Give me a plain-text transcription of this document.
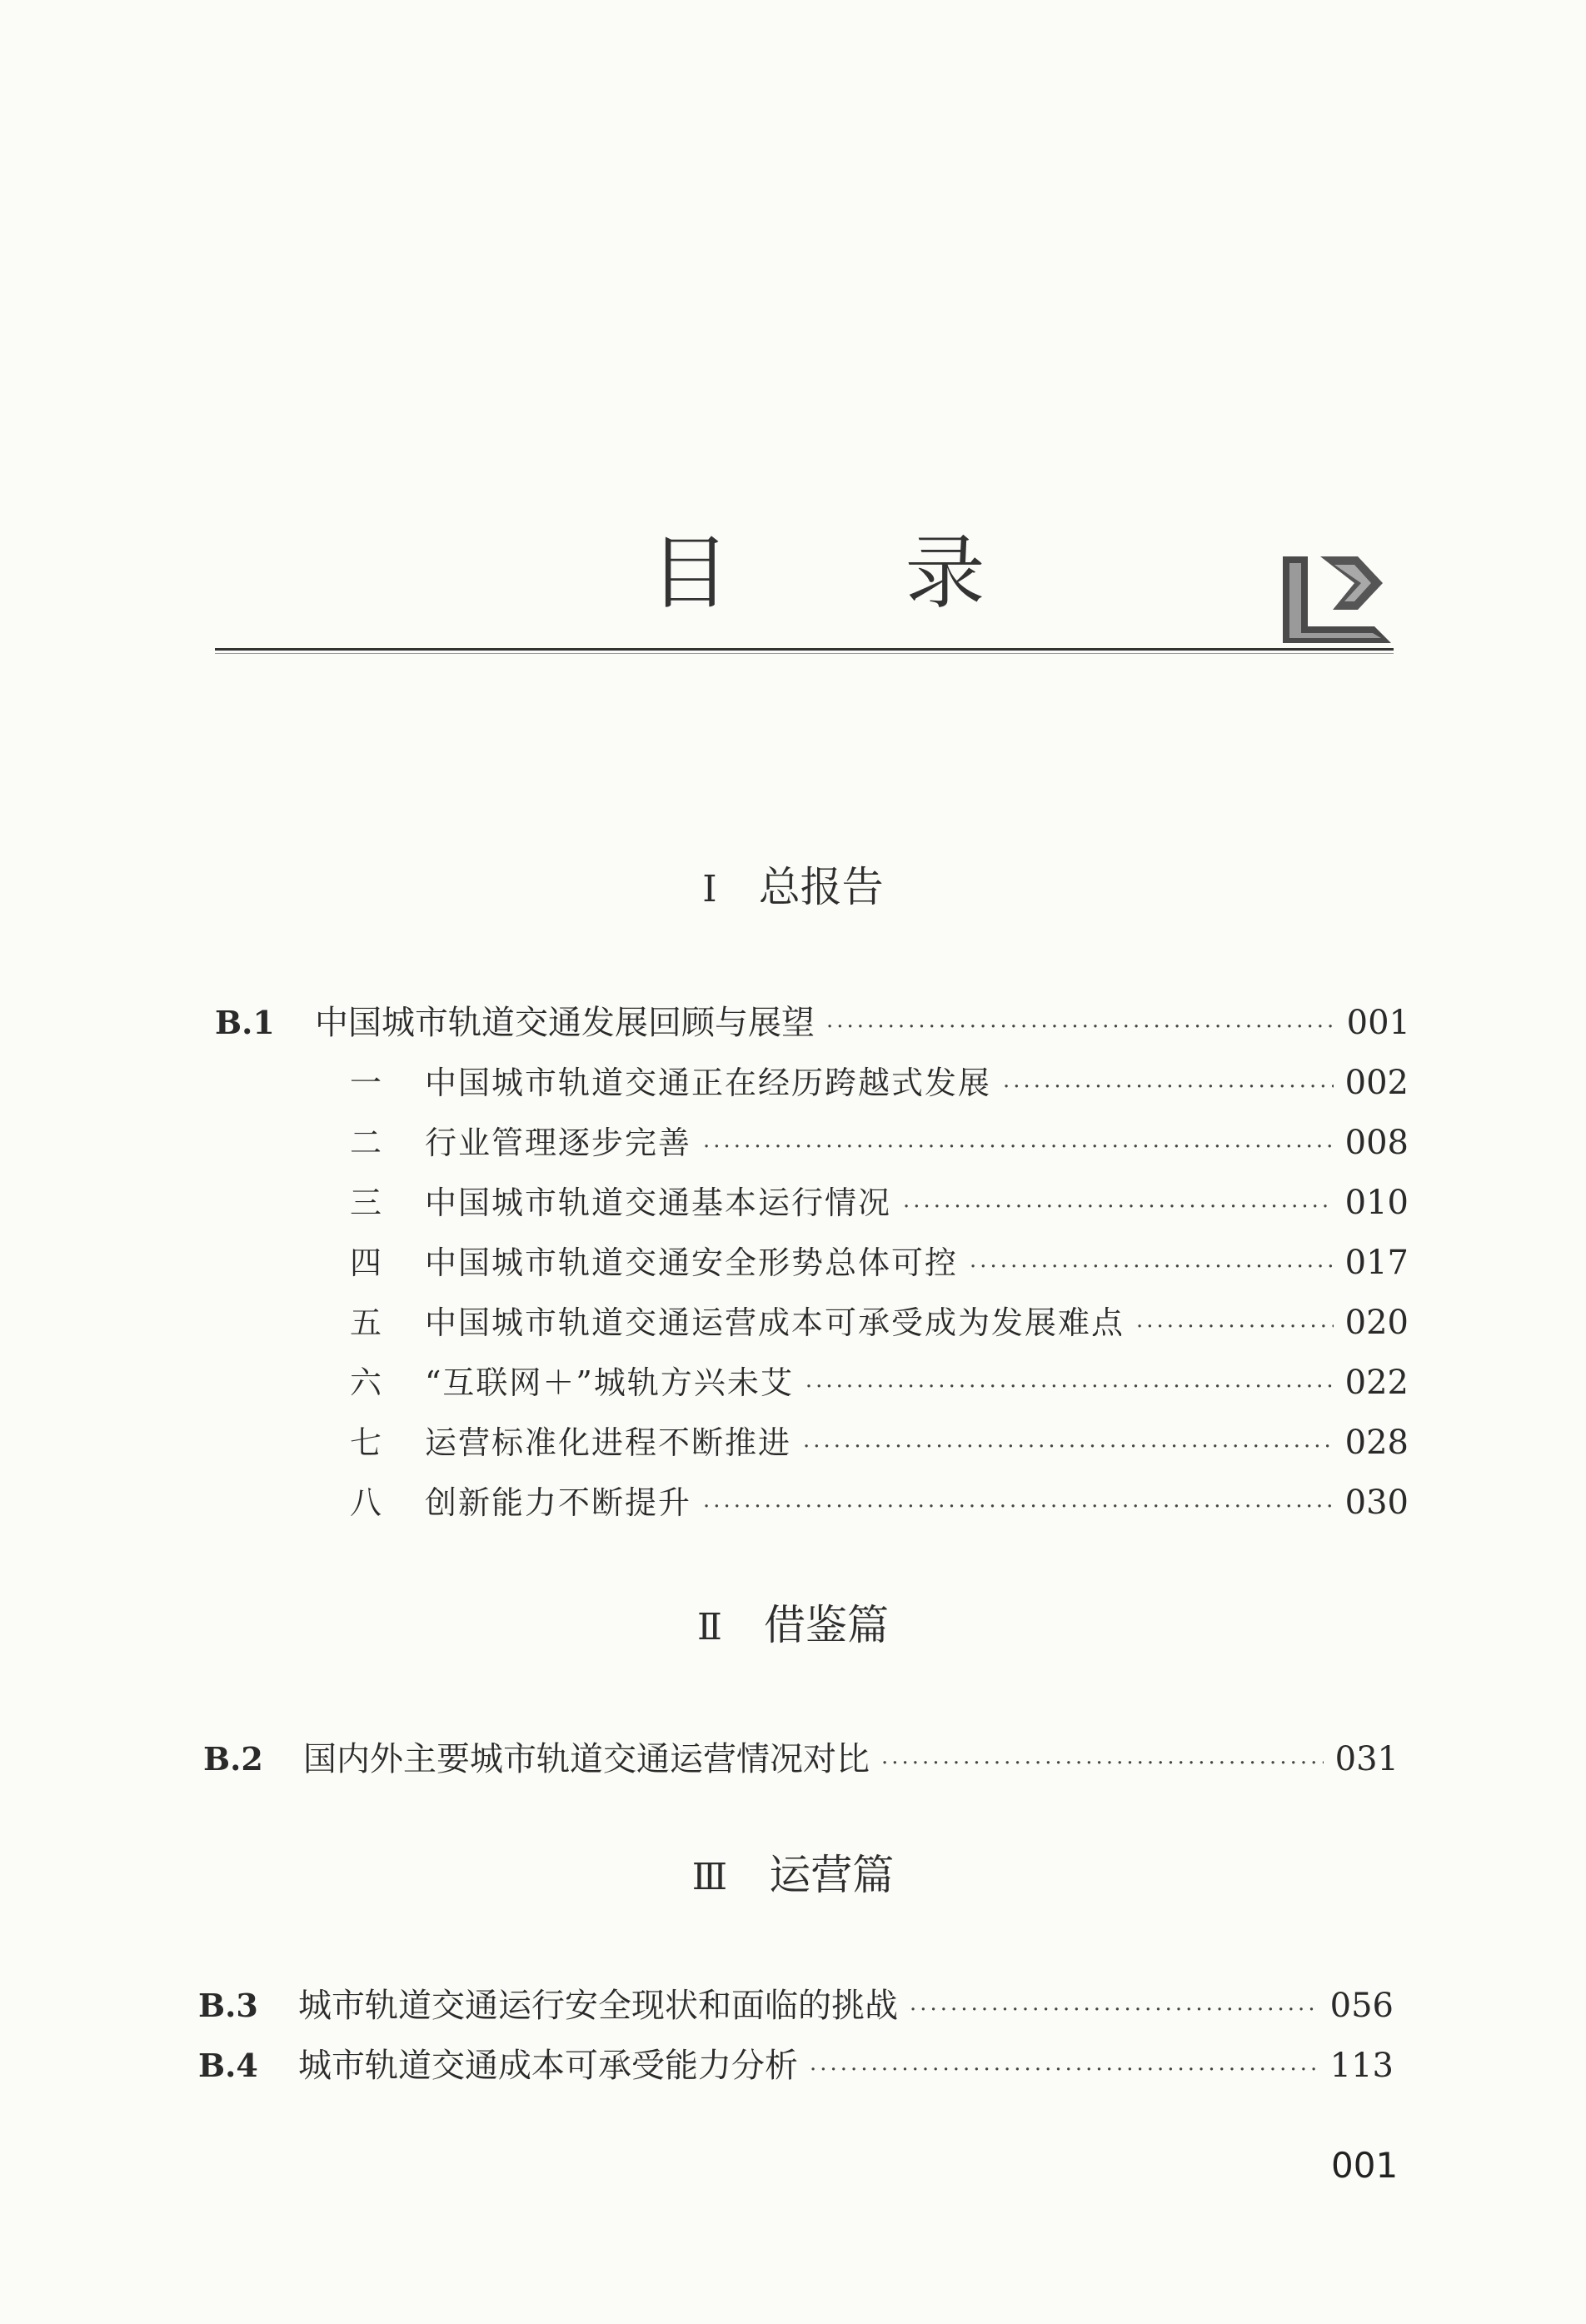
目 录
Ⅰ 总报告
B.1	中国城市轨道交通发展回顾与展望 ·····	001
一	中国城市轨道交通正在经历跨越式发展 ·····	002
二	行业管理逐步完善 ·····	008
三	中国城市轨道交通基本运行情况 ·····	010
四	中国城市轨道交通安全形势总体可控 ·····	017
五	中国城市轨道交通运营成本可承受成为发展难点 ·····	020
六	“互联网＋”城轨方兴未艾 ·····	022
七	运营标准化进程不断推进 ·····	028
八	创新能力不断提升 ·····	030
Ⅱ 借鉴篇
B.2	国内外主要城市轨道交通运营情况对比 ·····	031
Ⅲ 运营篇
B.3	城市轨道交通运行安全现状和面临的挑战 ·····	056
B.4	城市轨道交通成本可承受能力分析 ·····	113
001
